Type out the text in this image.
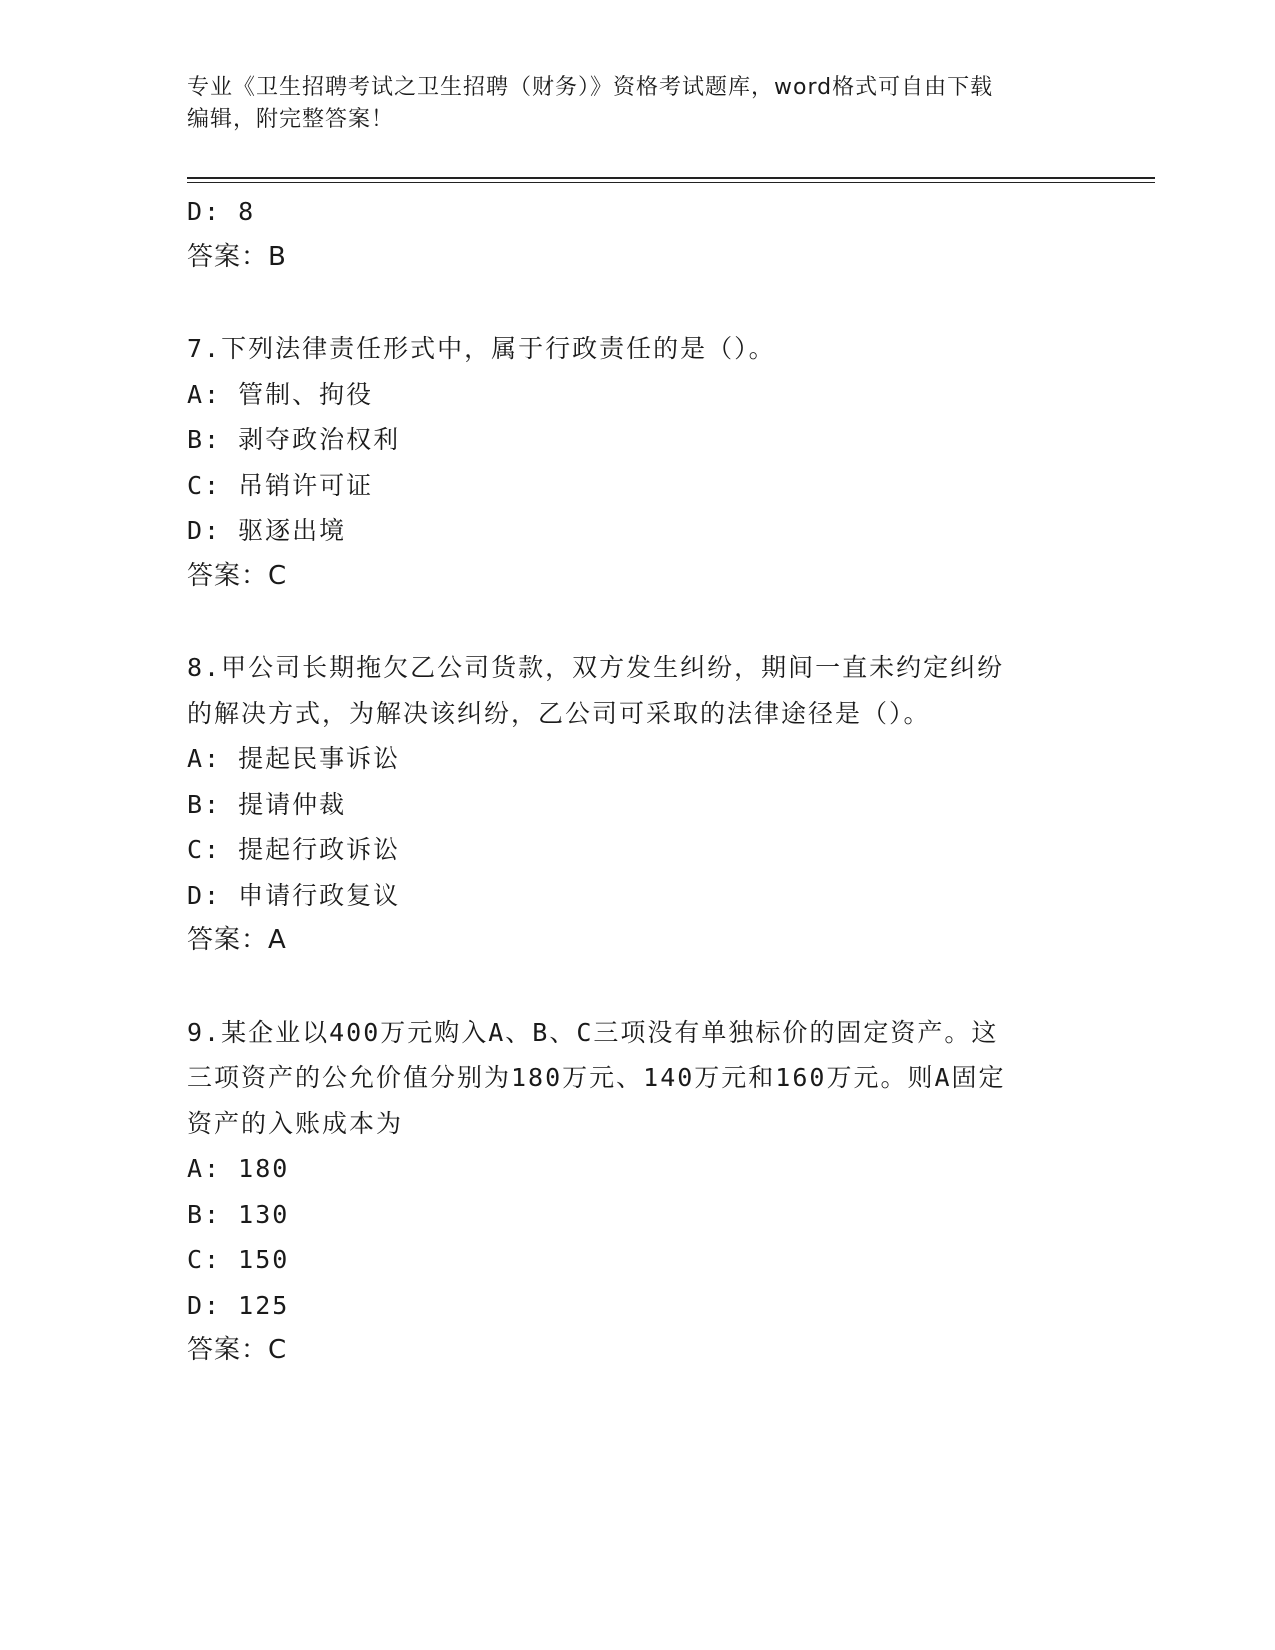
专业《卫生招聘考试之卫生招聘（财务）》资格考试题库，word格式可自由下载
编辑，附完整答案！
D: 8
答案：B
7.下列法律责任形式中，属于行政责任的是（）。
A: 管制、拘役
B: 剥夺政治权利
C: 吊销许可证
D: 驱逐出境
答案：C
8.甲公司长期拖欠乙公司货款，双方发生纠纷，期间一直未约定纠纷
的解决方式，为解决该纠纷，乙公司可采取的法律途径是（）。
A: 提起民事诉讼
B: 提请仲裁
C: 提起行政诉讼
D: 申请行政复议
答案：A
9.某企业以400万元购入A、B、C三项没有单独标价的固定资产。这
三项资产的公允价值分别为180万元、140万元和160万元。则A固定
资产的入账成本为
A: 180
B: 130
C: 150
D: 125
答案：C
